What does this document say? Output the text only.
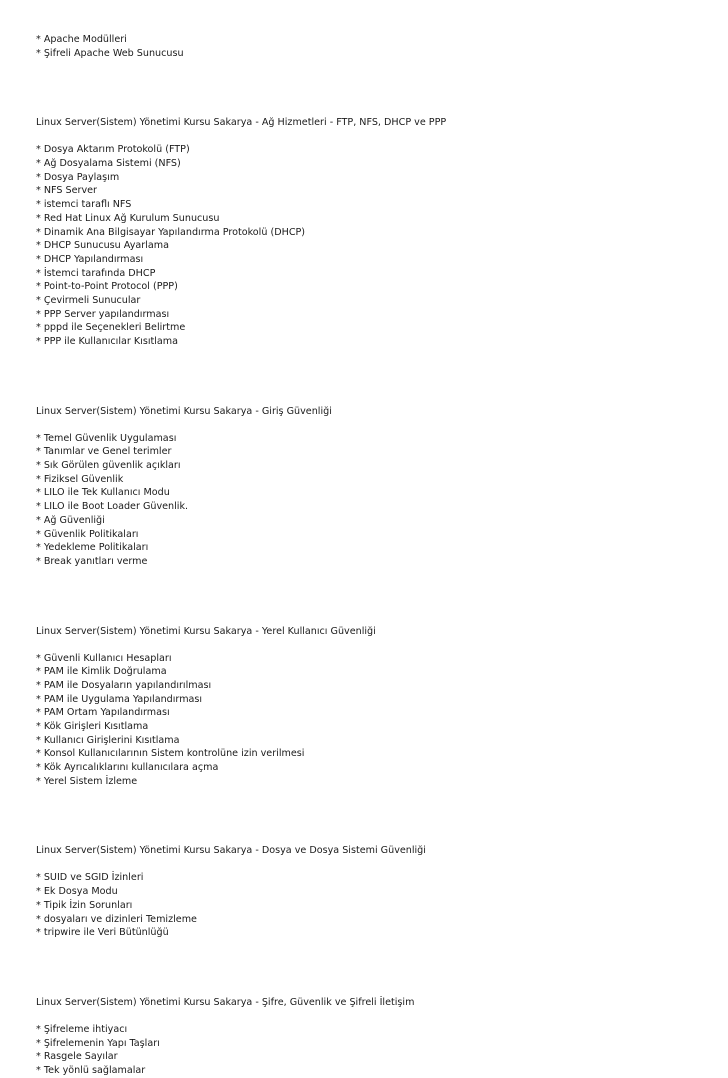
* Apache Modülleri
* Şifreli Apache Web Sunucusu
Linux Server(Sistem) Yönetimi Kursu Sakarya - Ağ Hizmetleri - FTP, NFS, DHCP ve PPP
* Dosya Aktarım Protokolü (FTP)
* Ağ Dosyalama Sistemi (NFS)
* Dosya Paylaşım
* NFS Server
* istemci taraflı NFS
* Red Hat Linux Ağ Kurulum Sunucusu
* Dinamik Ana Bilgisayar Yapılandırma Protokolü (DHCP)
* DHCP Sunucusu Ayarlama
* DHCP Yapılandırması
* İstemci tarafında DHCP
* Point-to-Point Protocol (PPP)
* Çevirmeli Sunucular
* PPP Server yapılandırması
* pppd ile Seçenekleri Belirtme
* PPP ile Kullanıcılar Kısıtlama
Linux Server(Sistem) Yönetimi Kursu Sakarya - Giriş Güvenliği
* Temel Güvenlik Uygulaması
* Tanımlar ve Genel terimler
* Sık Görülen güvenlik açıkları
* Fiziksel Güvenlik
* LILO ile Tek Kullanıcı Modu
* LILO ile Boot Loader Güvenlik.
* Ağ Güvenliği
* Güvenlik Politikaları
* Yedekleme Politikaları
* Break yanıtları verme
Linux Server(Sistem) Yönetimi Kursu Sakarya - Yerel Kullanıcı Güvenliği
* Güvenli Kullanıcı Hesapları
* PAM ile Kimlik Doğrulama
* PAM ile Dosyaların yapılandırılması
* PAM ile Uygulama Yapılandırması
* PAM Ortam Yapılandırması
* Kök Girişleri Kısıtlama
* Kullanıcı Girişlerini Kısıtlama
* Konsol Kullanıcılarının Sistem kontrolüne izin verilmesi
* Kök Ayrıcalıklarını kullanıcılara açma
* Yerel Sistem İzleme
Linux Server(Sistem) Yönetimi Kursu Sakarya - Dosya ve Dosya Sistemi Güvenliği
* SUID ve SGID İzinleri
* Ek Dosya Modu
* Tipik İzin Sorunları
* dosyaları ve dizinleri Temizleme
* tripwire ile Veri Bütünlüğü
Linux Server(Sistem) Yönetimi Kursu Sakarya - Şifre, Güvenlik ve Şifreli İletişim
* Şifreleme ihtiyacı
* Şifrelemenin Yapı Taşları
* Rasgele Sayılar
* Tek yönlü sağlamalar
